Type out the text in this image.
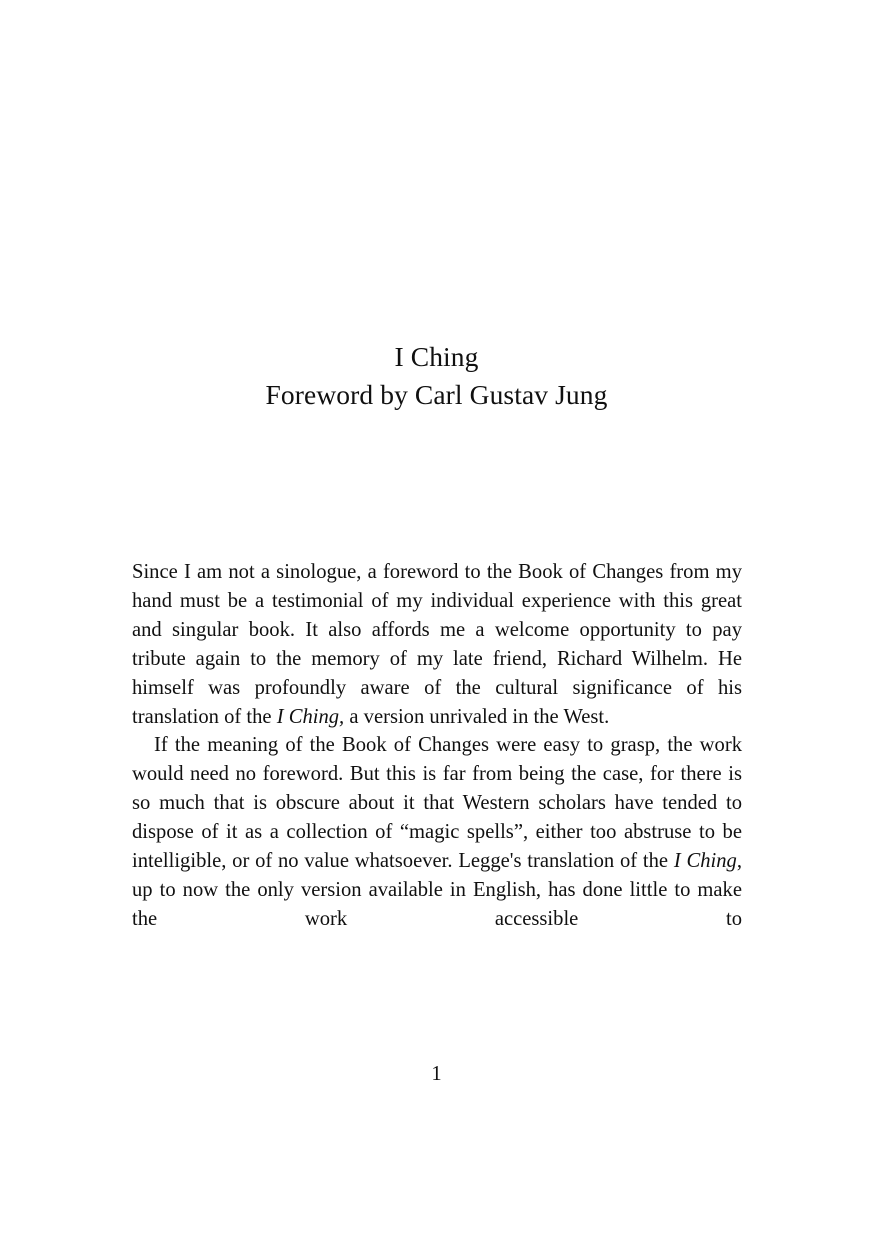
I Ching
Foreword by Carl Gustav Jung

Since I am not a sinologue, a foreword to the Book of Changes from my hand must be a testimonial of my individual experience with this great and singular book. It also affords me a welcome opportunity to pay tribute again to the memory of my late friend, Richard Wilhelm. He himself was profoundly aware of the cultural significance of his translation of the I Ching, a version unrivaled in the West.

If the meaning of the Book of Changes were easy to grasp, the work would need no foreword. But this is far from being the case, for there is so much that is obscure about it that Western scholars have tended to dispose of it as a collection of “magic spells”, either too abstruse to be intelligible, or of no value whatsoever. Legge's translation of the I Ching, up to now the only version available in English, has done little to make the work accessible to

1
